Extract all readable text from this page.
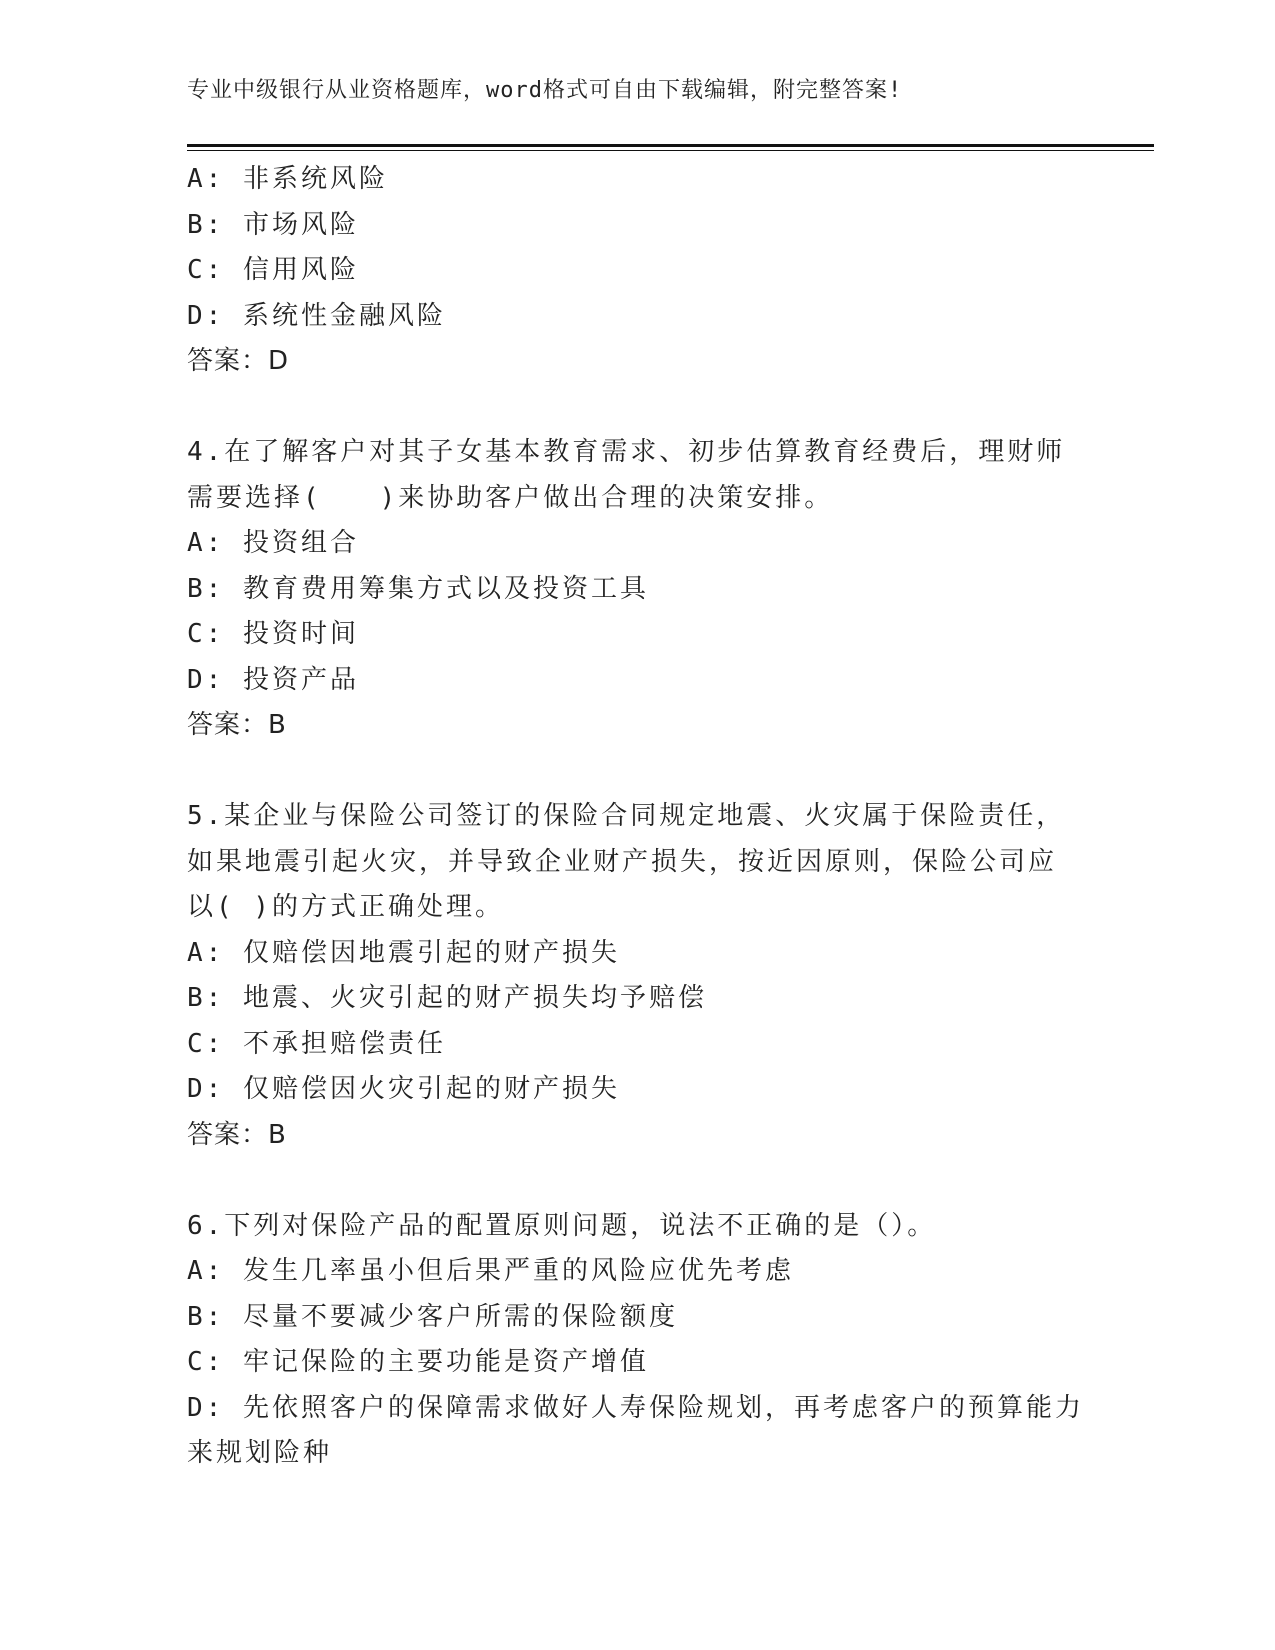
专业中级银行从业资格题库，word格式可自由下载编辑，附完整答案!
A: 非系统风险
B: 市场风险
C: 信用风险
D: 系统性金融风险
答案：D
4.在了解客户对其子女基本教育需求、初步估算教育经费后，理财师
需要选择(　　)来协助客户做出合理的决策安排。
A: 投资组合
B: 教育费用筹集方式以及投资工具
C: 投资时间
D: 投资产品
答案：B
5.某企业与保险公司签订的保险合同规定地震、火灾属于保险责任，
如果地震引起火灾，并导致企业财产损失，按近因原则，保险公司应
以( )的方式正确处理。
A: 仅赔偿因地震引起的财产损失
B: 地震、火灾引起的财产损失均予赔偿
C: 不承担赔偿责任
D: 仅赔偿因火灾引起的财产损失
答案：B
6.下列对保险产品的配置原则问题，说法不正确的是（）。
A: 发生几率虽小但后果严重的风险应优先考虑
B: 尽量不要减少客户所需的保险额度
C: 牢记保险的主要功能是资产增值
D: 先依照客户的保障需求做好人寿保险规划，再考虑客户的预算能力
来规划险种
